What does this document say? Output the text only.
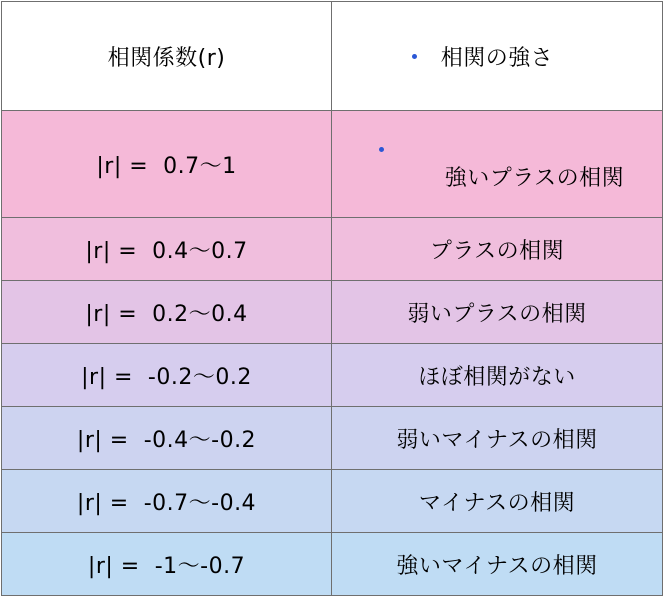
相関係数(r)	相関の強さ
|r| =  0.7〜1	強いプラスの相関

|r| =  0.4〜0.7	プラスの相関
|r| =  0.2〜0.4	弱いプラスの相関
|r| =  -0.2〜0.2	ほぼ相関がない
|r| =  -0.4〜-0.2	弱いマイナスの相関
|r| =  -0.7〜-0.4	マイナスの相関
|r| =  -1〜-0.7	強いマイナスの相関
